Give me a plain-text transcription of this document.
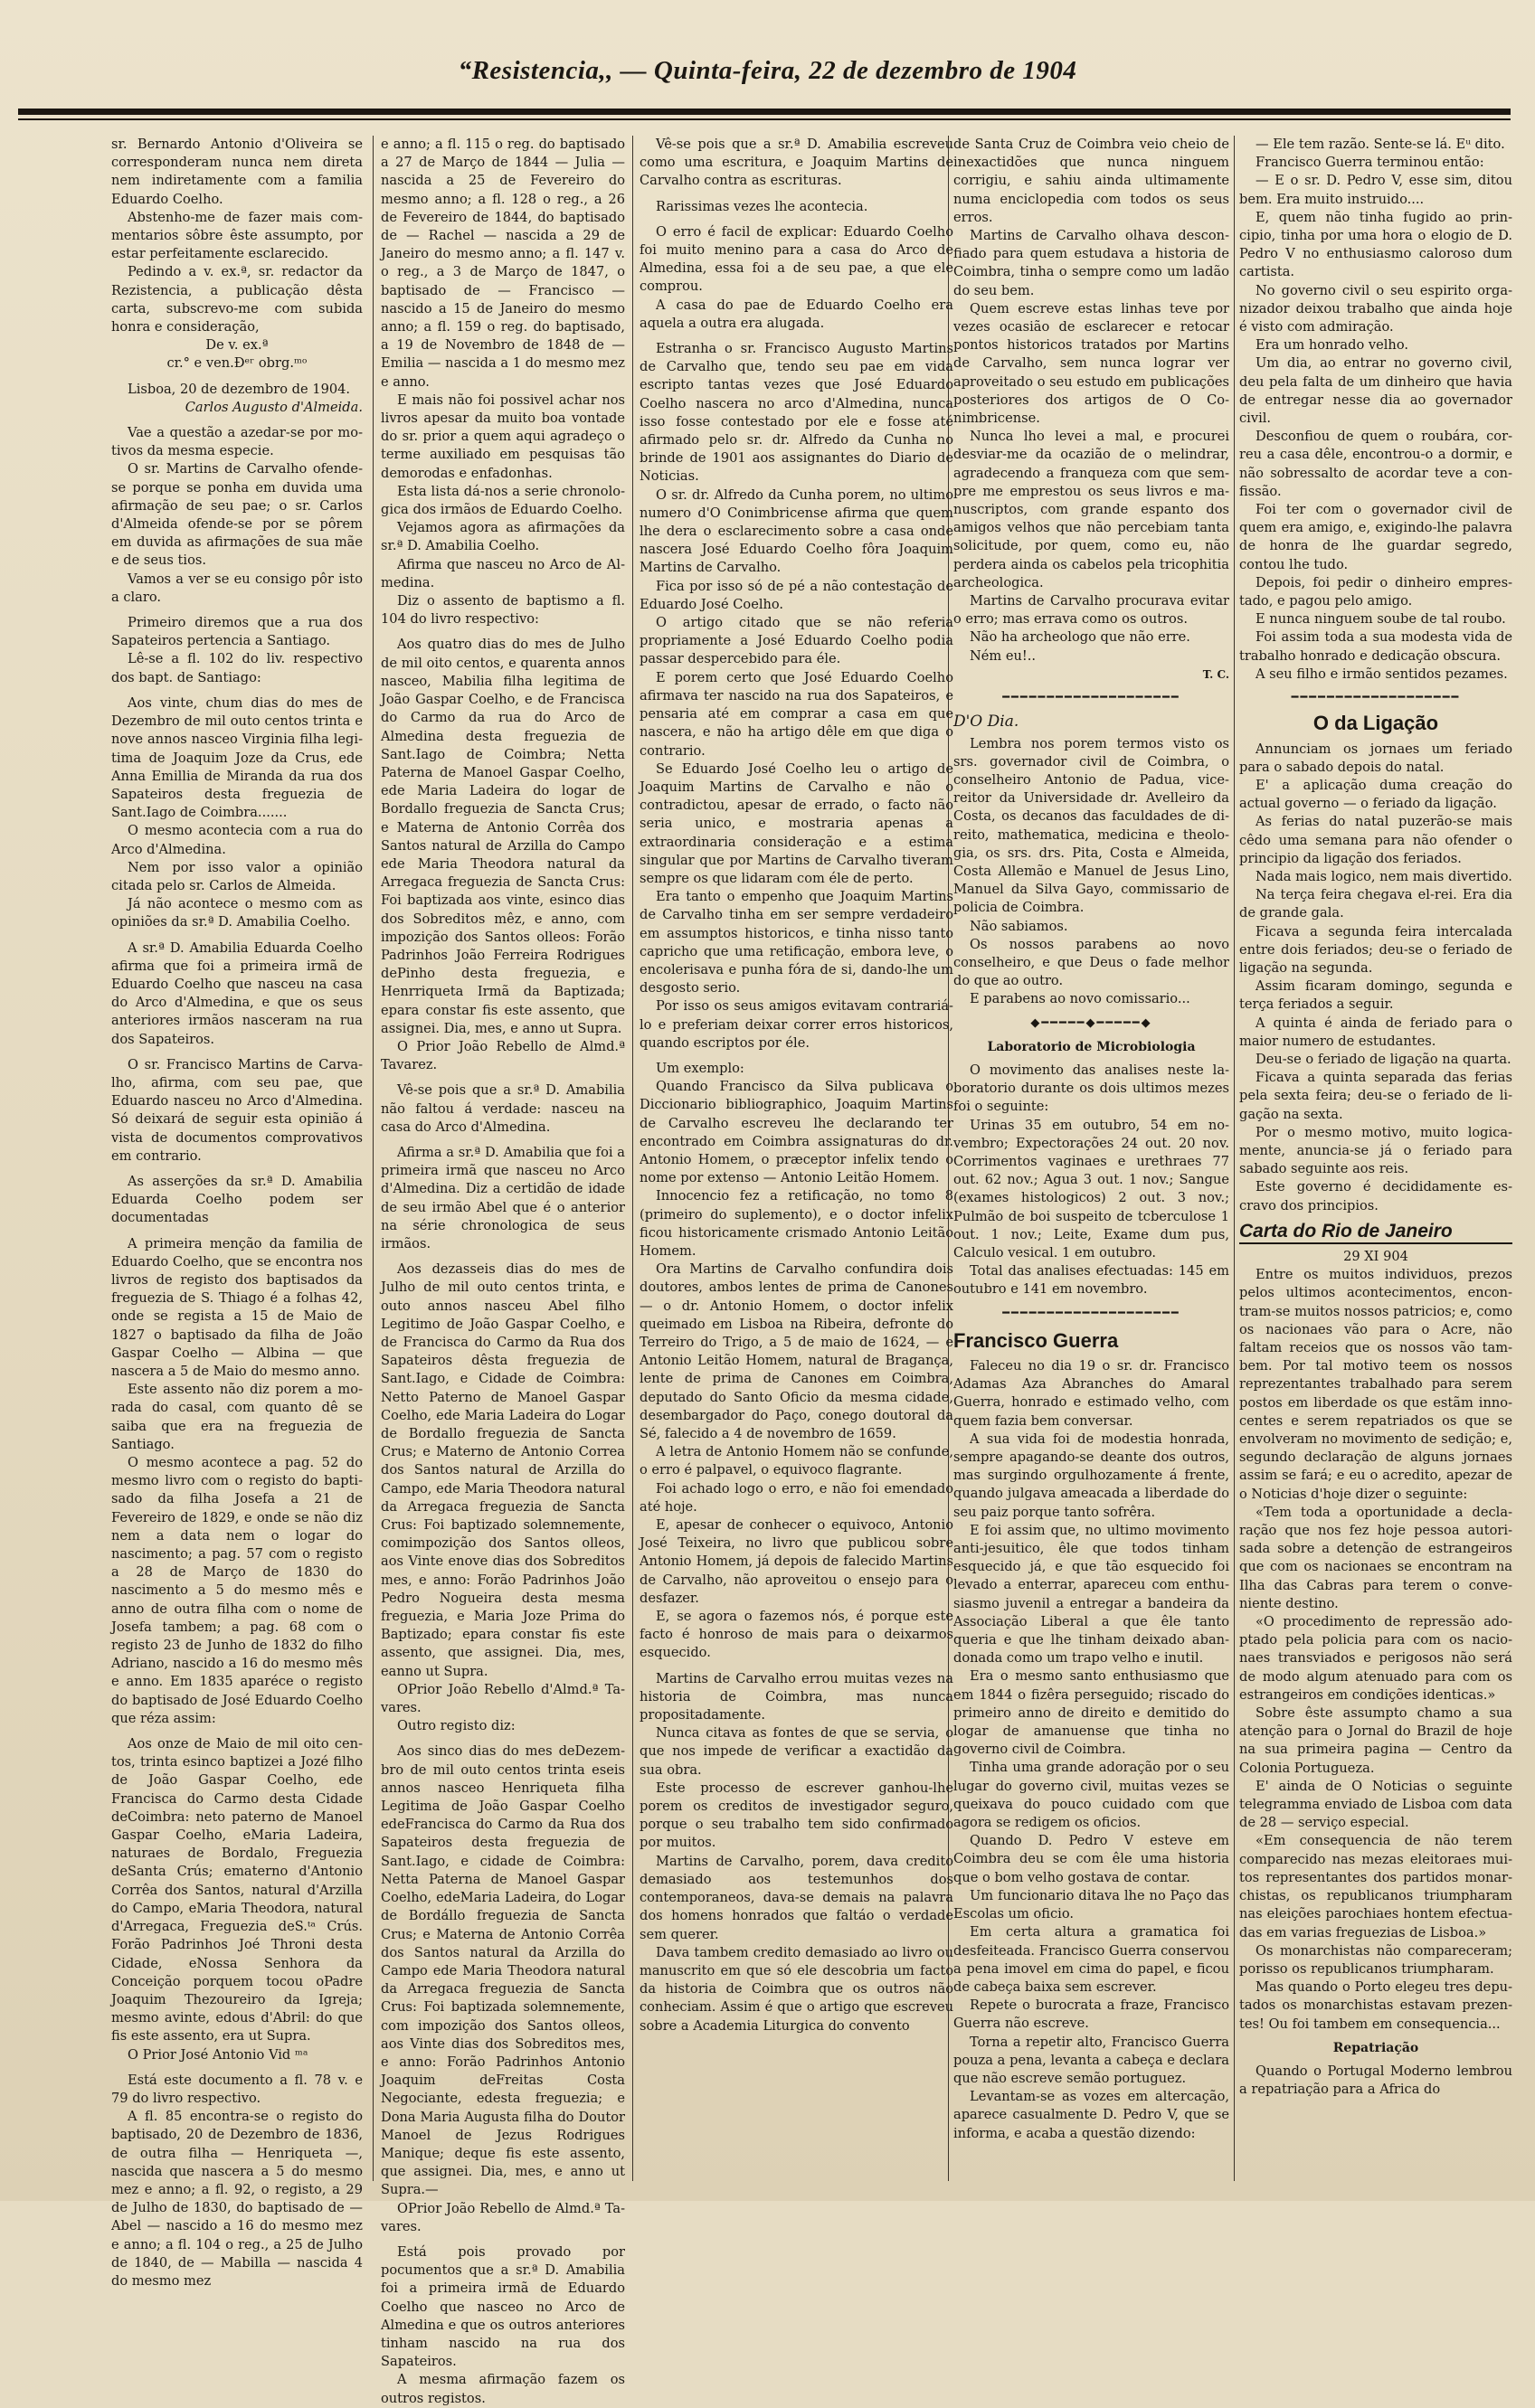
“Resistencia,, — Quinta-feira, 22 de dezembro de 1904

sr. Bernardo Antonio d'Oliveira se corresponderam nunca nem direta nem indiretamente com a familia Eduardo Coelho.

Abstenho-me de fazer mais commentarios sôbre êste assumpto, por estar perfeitamente esclarecido.

Pedindo a v. ex.ª, sr. redactor da Rezistencia, a publicação dêsta carta, subscrevo-me com subida honra e consideração,

De v. ex.ª

cr.° e ven.Ðᵉʳ obrg.ᵐᵒ

Lisboa, 20 de dezembro de 1904.

Carlos Augusto d'Almeida.

Vae a questão a azedar-se por motivos da mesma especie.

O sr. Martins de Carvalho ofende-se porque se ponha em duvida uma afirmação de seu pae; o sr. Carlos d'Almeida ofende-se por se pôrem em duvida as afirmações de sua mãe e de seus tios.

Vamos a ver se eu consigo pôr isto a claro.

Primeiro diremos que a rua dos Sapateiros pertencia a Santiago.

Lê-se a fl. 102 do liv. respectivo dos bapt. de Santiago:

Aos vinte, chum dias do mes de Dezembro de mil outo centos trinta e nove annos nasceo Virginia filha legitima de Joaquim Joze da Crus, ede Anna Emillia de Miranda da rua dos Sapateiros desta freguezia de Sant.Iago de Coimbra.......

O mesmo acontecia com a rua do Arco d'Almedina.

Nem por isso valor a opinião citada pelo sr. Carlos de Almeida.

Já não acontece o mesmo com as opiniões da sr.ª D. Amabilia Coelho.

A sr.ª D. Amabilia Eduarda Coelho afirma que foi a primeira irmã de Eduardo Coelho que nasceu na casa do Arco d'Almedina, e que os seus anteriores irmãos nasceram na rua dos Sapateiros.

O sr. Francisco Martins de Carvalho, afirma, com seu pae, que Eduardo nasceu no Arco d'Almedina. Só deixará de seguir esta opinião á vista de documentos comprovativos em contrario.

As asserções da sr.ª D. Amabilia Eduarda Coelho podem ser documentadas

A primeira menção da familia de Eduardo Coelho, que se encontra nos livros de registo dos baptisados da freguezia de S. Thiago é a folhas 42, onde se regista a 15 de Maio de 1827 o baptisado da filha de João Gaspar Coelho — Albina — que nascera a 5 de Maio do mesmo anno.

Este assento não diz porem a morada do casal, com quanto dê se saiba que era na freguezia de Santiago.

O mesmo acontece a pag. 52 do mesmo livro com o registo do baptisado da filha Josefa a 21 de Fevereiro de 1829, e onde se não diz nem a data nem o logar do nascimento; a pag. 57 com o registo a 28 de Março de 1830 do nascimento a 5 do mesmo mês e anno de outra filha com o nome de Josefa tambem; a pag. 68 com o registo 23 de Junho de 1832 do filho Adriano, nascido a 16 do mesmo mês e anno. Em 1835 aparéce o registo do baptisado de José Eduardo Coelho que réza assim:

Aos onze de Maio de mil oito centos, trinta esinco baptizei a Jozé filho de João Gaspar Coelho, ede Francisca do Carmo desta Cidade deCoimbra: neto paterno de Manoel Gaspar Coelho, eMaria Ladeira, naturaes de Bordalo, Freguezia deSanta Crús; ematerno d'Antonio Corrêa dos Santos, natural d'Arzilla do Campo, eMaria Theodora, natural d'Arregaca, Freguezia deS.ᵗᵃ Crús. Forão Padrinhos Joé Throni desta Cidade, eNossa Senhora da Conceição porquem tocou oPadre Joaquim Thezoureiro da Igreja; mesmo avinte, edous d'Abril: do que fis este assento, era ut Supra.

O Prior José Antonio Vid ᵐᵃ

Está este documento a fl. 78 v. e 79 do livro respectivo.

A fl. 85 encontra-se o registo do baptisado, 20 de Dezembro de 1836, de outra filha — Henriqueta —, nascida que nascera a 5 do mesmo mez e anno; a fl. 92, o registo, a 29 de Julho de 1830, do baptisado de — Abel — nascido a 16 do mesmo mez e anno; a fl. 104 o reg., a 25 de Julho de 1840, de — Mabilla — nascida 4 do mesmo mez

e anno; a fl. 115 o reg. do baptisado a 27 de Março de 1844 — Julia — nascida a 25 de Fevereiro do mesmo anno; a fl. 128 o reg., a 26 de Fevereiro de 1844, do baptisado de — Rachel — nascida a 29 de Janeiro do mesmo anno; a fl. 147 v. o reg., a 3 de Março de 1847, o baptisado de — Francisco — nascido a 15 de Janeiro do mesmo anno; a fl. 159 o reg. do baptisado, a 19 de Novembro de 1848 de — Emilia — nascida a 1 do mesmo mez e anno.

E mais não foi possivel achar nos livros apesar da muito boa vontade do sr. prior a quem aqui agradeço o terme auxiliado em pesquisas tão demorodas e enfadonhas.

Esta lista dá-nos a serie chronologica dos irmãos de Eduardo Coelho.

Vejamos agora as afirmações da sr.ª D. Amabilia Coelho.

Afirma que nasceu no Arco de Almedina.

Diz o assento de baptismo a fl. 104 do livro respectivo:

Aos quatro dias do mes de Julho de mil oito centos, e quarenta annos nasceo, Mabilia filha legitima de João Gaspar Coelho, e de Francisca do Carmo da rua do Arco de Almedina desta freguezia de Sant.Iago de Coimbra; Netta Paterna de Manoel Gaspar Coelho, ede Maria Ladeira do logar de Bordallo freguezia de Sancta Crus; e Materna de Antonio Corrêa dos Santos natural de Arzilla do Campo ede Maria Theodora natural da Arregaca freguezia de Sancta Crus: Foi baptizada aos vinte, esinco dias dos Sobreditos mêz, e anno, com impozição dos Santos olleos: Forão Padrinhos João Ferreira Rodrigues dePinho desta freguezia, e Henrriqueta Irmã da Baptizada; epara constar fis este assento, que assignei. Dia, mes, e anno ut Supra.

O Prior João Rebello de Almd.ª Tavarez.

Vê-se pois que a sr.ª D. Amabilia não faltou á verdade: nasceu na casa do Arco d'Almedina.

Afirma a sr.ª D. Amabilia que foi a primeira irmã que nasceu no Arco d'Almedina. Diz a certidão de idade de seu irmão Abel que é o anterior na série chronologica de seus irmãos.

Aos dezasseis dias do mes de Julho de mil outo centos trinta, e outo annos nasceu Abel filho Legitimo de João Gaspar Coelho, e de Francisca do Carmo da Rua dos Sapateiros dêsta freguezia de Sant.Iago, e Cidade de Coimbra: Netto Paterno de Manoel Gaspar Coelho, ede Maria Ladeira do Logar de Bordallo freguezia de Sancta Crus; e Materno de Antonio Correa dos Santos natural de Arzilla do Campo, ede Maria Theodora natural da Arregaca freguezia de Sancta Crus: Foi baptizado solemnemente, comimpozição dos Santos olleos, aos Vinte enove dias dos Sobreditos mes, e anno: Forão Padrinhos João Pedro Nogueira desta mesma freguezia, e Maria Joze Prima do Baptizado; epara constar fis este assento, que assignei. Dia, mes, eanno ut Supra.

OPrior João Rebello d'Almd.ª Tavares.

Outro registo diz:

Aos sinco dias do mes deDezembro de mil outo centos trinta eseis annos nasceo Henriqueta filha Legitima de João Gaspar Coelho edeFrancisca do Carmo da Rua dos Sapateiros desta freguezia de Sant.Iago, e cidade de Coimbra: Netta Paterna de Manoel Gaspar Coelho, edeMaria Ladeira, do Logar de Bordállo freguezia de Sancta Crus; e Materna de Antonio Corrêa dos Santos natural da Arzilla do Campo ede Maria Theodora natural da Arregaca freguezia de Sancta Crus: Foi baptizada solemnemente, com impozição dos Santos olleos, aos Vinte dias dos Sobreditos mes, e anno: Forão Padrinhos Antonio Joaquim deFreitas Costa Negociante, edesta freguezia; e Dona Maria Augusta filha do Doutor Manoel de Jezus Rodrigues Manique; deque fis este assento, que assignei. Dia, mes, e anno ut Supra.—

OPrior João Rebello de Almd.ª Tavares.

Está pois provado por pocumentos que a sr.ª D. Amabilia foi a primeira irmã de Eduardo Coelho que nasceo no Arco de Almedina e que os outros anteriores tinham nascido na rua dos Sapateiros.

A mesma afirmação fazem os outros registos.

Vê-se pois que a sr.ª D. Amabilia escreveu como uma escritura, e Joaquim Martins de Carvalho contra as escrituras.

Rarissimas vezes lhe acontecia.

O erro é facil de explicar: Eduardo Coelho foi muito menino para a casa do Arco de Almedina, essa foi a de seu pae, a que ele comprou.

A casa do pae de Eduardo Coelho era aquela a outra era alugada.

Estranha o sr. Francisco Augusto Martins de Carvalho que, tendo seu pae em vida escripto tantas vezes que José Eduardo Coelho nascera no arco d'Almedina, nunca isso fosse contestado por ele e fosse até afirmado pelo sr. dr. Alfredo da Cunha no brinde de 1901 aos assignantes do Diario de Noticias.

O sr. dr. Alfredo da Cunha porem, no ultimo numero d'O Conimbricense afirma que quem lhe dera o esclarecimento sobre a casa onde nascera José Eduardo Coelho fôra Joaquim Martins de Carvalho.

Fica por isso só de pé a não contestação de Eduardo José Coelho.

O artigo citado que se não referia propriamente a José Eduardo Coelho podia passar despercebido para éle.

E porem certo que José Eduardo Coelho afirmava ter nascido na rua dos Sapateiros, e pensaria até em comprar a casa em que nascera, e não ha artigo dêle em que diga o contrario.

Se Eduardo José Coelho leu o artigo de Joaquim Martins de Carvalho e não o contradictou, apesar de errado, o facto não seria unico, e mostraria apenas a extraordinaria consideração e a estima singular que por Martins de Carvalho tiveram sempre os que lidaram com éle de perto.

Era tanto o empenho que Joaquim Martins de Carvalho tinha em ser sempre verdadeiro em assumptos historicos, e tinha nisso tanto capricho que uma retificação, embora leve, o encolerisava e punha fóra de si, dando-lhe um desgosto serio.

Por isso os seus amigos evitavam contrariá-lo e preferiam deixar correr erros historicos, quando escriptos por éle.

Um exemplo:

Quando Francisco da Silva publicava o Diccionario bibliographico, Joaquim Martins de Carvalho escreveu lhe declarando ter encontrado em Coimbra assignaturas do dr. Antonio Homem, o præceptor infelix tendo o nome por extenso — Antonio Leitão Homem.

Innocencio fez a retificação, no tomo 8 (primeiro do suplemento), e o doctor infelix ficou historicamente crismado Antonio Leitão Homem.

Ora Martins de Carvalho confundira dois doutores, ambos lentes de prima de Canones — o dr. Antonio Homem, o doctor infelix queimado em Lisboa na Ribeira, defronte do Terreiro do Trigo, a 5 de maio de 1624, — e Antonio Leitão Homem, natural de Bragança, lente de prima de Canones em Coimbra, deputado do Santo Oficio da mesma cidade, desembargador do Paço, conego doutoral da Sé, falecido a 4 de novembro de 1659.

A letra de Antonio Homem não se confunde, o erro é palpavel, o equivoco flagrante.

Foi achado logo o erro, e não foi emendado até hoje.

E, apesar de conhecer o equivoco, Antonio José Teixeira, no livro que publicou sobre Antonio Homem, já depois de falecido Martins de Carvalho, não aproveitou o ensejo para o desfazer.

E, se agora o fazemos nós, é porque este facto é honroso de mais para o deixarmos esquecido.

Martins de Carvalho errou muitas vezes na historia de Coimbra, mas nunca propositadamente.

Nunca citava as fontes de que se servia, o que nos impede de verificar a exactidão da sua obra.

Este processo de escrever ganhou-lhe porem os creditos de investigador seguro, porque o seu trabalho tem sido confirmado por muitos.

Martins de Carvalho, porem, dava credito demasiado aos testemunhos dos contemporaneos, dava-se demais na palavra dos homens honrados que faltáo o verdade sem querer.

Dava tambem credito demasiado ao livro ou manuscrito em que só ele descobria um facto da historia de Coimbra que os outros não conheciam. Assim é que o artigo que escreveu sobre a Academia Liturgica do convento

de Santa Cruz de Coimbra veio cheio de inexactidões que nunca ninguem corrigiu, e sahiu ainda ultimamente numa enciclopedia com todos os seus erros.

Martins de Carvalho olhava desconfiado para quem estudava a historia de Coimbra, tinha o sempre como um ladão do seu bem.

Quem escreve estas linhas teve por vezes ocasião de esclarecer e retocar pontos historicos tratados por Martins de Carvalho, sem nunca lograr ver aproveitado o seu estudo em publicações posteriores dos artigos de O Conimbricense.

Nunca lho levei a mal, e procurei desviar-me da ocazião de o melindrar, agradecendo a franqueza com que sempre me emprestou os seus livros e manuscriptos, com grande espanto dos amigos velhos que não percebiam tanta solicitude, por quem, como eu, não perdera ainda os cabelos pela tricophitia archeologica.

Martins de Carvalho procurava evitar o erro; mas errava como os outros.

Não ha archeologo que não erre.

Ném eu!..

T. C.
━━━━━━━━━━━━━━━━━━━━

D'O Dia.

Lembra nos porem termos visto os srs. governador civil de Coimbra, o conselheiro Antonio de Padua, vice-reitor da Universidade dr. Avelleiro da Costa, os decanos das faculdades de direito, mathematica, medicina e theologia, os srs. drs. Pita, Costa e Almeida, Costa Allemão e Manuel de Jesus Lino, Manuel da Silva Gayo, commissario de policia de Coimbra.

Não sabiamos.

Os nossos parabens ao novo conselheiro, e que Deus o fade melhor do que ao outro.

E parabens ao novo comissario...

◆━━━━━◆━━━━━◆
Laboratorio de Microbiologia

O movimento das analises neste laboratorio durante os dois ultimos mezes foi o seguinte:

Urinas 35 em outubro, 54 em novembro; Expectorações 24 out. 20 nov. Corrimentos vaginaes e urethraes 77 out. 62 nov.; Agua 3 out. 1 nov.; Sangue (exames histologicos) 2 out. 3 nov.; Pulmão de boi suspeito de tcberculose 1 out. 1 nov.; Leite, Exame dum pus, Calculo vesical. 1 em outubro.

Total das analises efectuadas: 145 em outubro e 141 em novembro.

━━━━━━━━━━━━━━━━━━━━
Francisco Guerra

Faleceu no dia 19 o sr. dr. Francisco Adamas Aza Abranches do Amaral Guerra, honrado e estimado velho, com quem fazia bem conversar.

A sua vida foi de modestia honrada, sempre apagando-se deante dos outros, mas surgindo orgulhozamente á frente, quando julgava ameacada a liberdade do seu paiz porque tanto sofrêra.

E foi assim que, no ultimo movimento anti-jesuitico, êle que todos tinham esquecido já, e que tão esquecido foi levado a enterrar, apareceu com enthusiasmo juvenil a entregar a bandeira da Associação Liberal a que êle tanto queria e que lhe tinham deixado abandonada como um trapo velho e inutil.

Era o mesmo santo enthusiasmo que em 1844 o fizêra perseguido; riscado do primeiro anno de direito e demitido do logar de amanuense que tinha no governo civil de Coimbra.

Tinha uma grande adoração por o seu lugar do governo civil, muitas vezes se queixava do pouco cuidado com que agora se redigem os oficios.

Quando D. Pedro V esteve em Coimbra deu se com êle uma historia que o bom velho gostava de contar.

Um funcionario ditava lhe no Paço das Escolas um oficio.

Em certa altura a gramatica foi desfeiteada. Francisco Guerra conservou a pena imovel em cima do papel, e ficou de cabeça baixa sem escrever.

Repete o burocrata a fraze, Francisco Guerra não escreve.

Torna a repetir alto, Francisco Guerra pouza a pena, levanta a cabeça e declara que não escreve semão portuguez.

Levantam-se as vozes em altercação, aparece casualmente D. Pedro V, que se informa, e acaba a questão dizendo:

— Ele tem razão. Sente-se lá. Eᵘ dito.

Francisco Guerra terminou então:

— E o sr. D. Pedro V, esse sim, ditou bem. Era muito instruido....

E, quem não tinha fugido ao principio, tinha por uma hora o elogio de D. Pedro V no enthusiasmo caloroso dum cartista.

No governo civil o seu espirito organizador deixou trabalho que ainda hoje é visto com admiração.

Era um honrado velho.

Um dia, ao entrar no governo civil, deu pela falta de um dinheiro que havia de entregar nesse dia ao governador civil.

Desconfiou de quem o roubára, correu a casa dêle, encontrou-o a dormir, e não sobressalto de acordar teve a confissão.

Foi ter com o governador civil de quem era amigo, e, exigindo-lhe palavra de honra de lhe guardar segredo, contou lhe tudo.

Depois, foi pedir o dinheiro emprestado, e pagou pelo amigo.

E nunca ninguem soube de tal roubo.

Foi assim toda a sua modesta vida de trabalho honrado e dedicação obscura.

A seu filho e irmão sentidos pezames.

━━━━━━━━━━━━━━━━━━━
O da Ligação

Annunciam os jornaes um feriado para o sabado depois do natal.

E' a aplicação duma creação do actual governo — o feriado da ligação.

As ferias do natal puzerão-se mais cêdo uma semana para não ofender o principio da ligação dos feriados.

Nada mais logico, nem mais divertido.

Na terça feira chegava el-rei. Era dia de grande gala.

Ficava a segunda feira intercalada entre dois feriados; deu-se o feriado de ligação na segunda.

Assim ficaram domingo, segunda e terça feriados a seguir.

A quinta é ainda de feriado para o maior numero de estudantes.

Deu-se o feriado de ligação na quarta.

Ficava a quinta separada das ferias pela sexta feira; deu-se o feriado de ligação na sexta.

Por o mesmo motivo, muito logicamente, anuncia-se já o feriado para sabado seguinte aos reis.

Este governo é decididamente escravo dos principios.

Carta do Rio de Janeiro

29 XI 904

Entre os muitos individuos, prezos pelos ultimos acontecimentos, encontram-se muitos nossos patricios; e, como os nacionaes vão para o Acre, não faltam receios que os nossos vão tambem. Por tal motivo teem os nossos reprezentantes trabalhado para serem postos em liberdade os que estãm innocentes e serem repatriados os que se envolveram no movimento de sedição; e, segundo declaração de alguns jornaes assim se fará; e eu o acredito, apezar de o Noticias d'hoje dizer o seguinte:

«Tem toda a oportunidade a declaração que nos fez hoje pessoa autorisada sobre a detenção de estrangeiros que com os nacionaes se encontram na Ilha das Cabras para terem o conveniente destino.

«O procedimento de repressão adoptado pela policia para com os nacionaes transviados e perigosos não será de modo algum atenuado para com os estrangeiros em condições identicas.»

Sobre êste assumpto chamo a sua atenção para o Jornal do Brazil de hoje na sua primeira pagina — Centro da Colonia Portugueza.

E' ainda de O Noticias o seguinte telegramma enviado de Lisboa com data de 28 — serviço especial.

«Em consequencia de não terem comparecido nas mezas eleitoraes muitos representantes dos partidos monarchistas, os republicanos triumpharam nas eleições parochiaes hontem efectuadas em varias freguezias de Lisboa.»

Os monarchistas não compareceram; porisso os republicanos triumpharam.

Mas quando o Porto elegeu tres deputados os monarchistas estavam prezentes! Ou foi tambem em consequencia...

Repatriação

Quando o Portugal Moderno lembrou a repatriação para a Africa do
